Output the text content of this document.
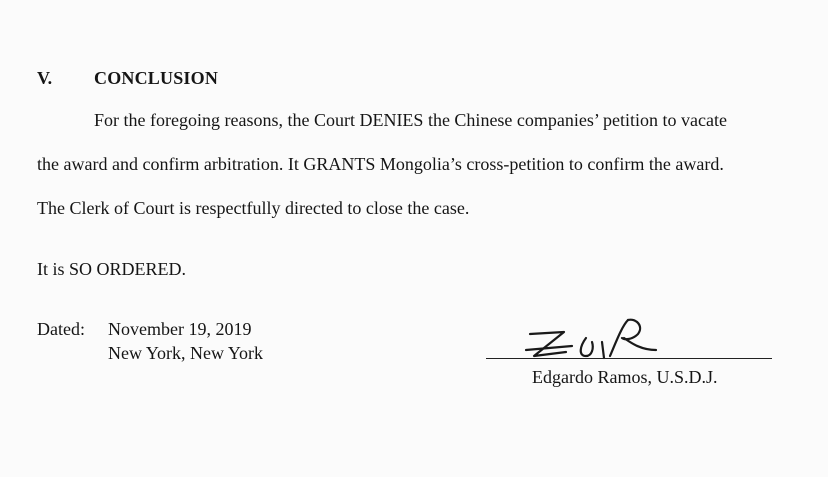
V. CONCLUSION
For the foregoing reasons, the Court DENIES the Chinese companies’ petition to vacate
the award and confirm arbitration. It GRANTS Mongolia’s cross-petition to confirm the award.
The Clerk of Court is respectfully directed to close the case.
It is SO ORDERED.
Dated: November 19, 2019
New York, New York
Edgardo Ramos, U.S.D.J.
